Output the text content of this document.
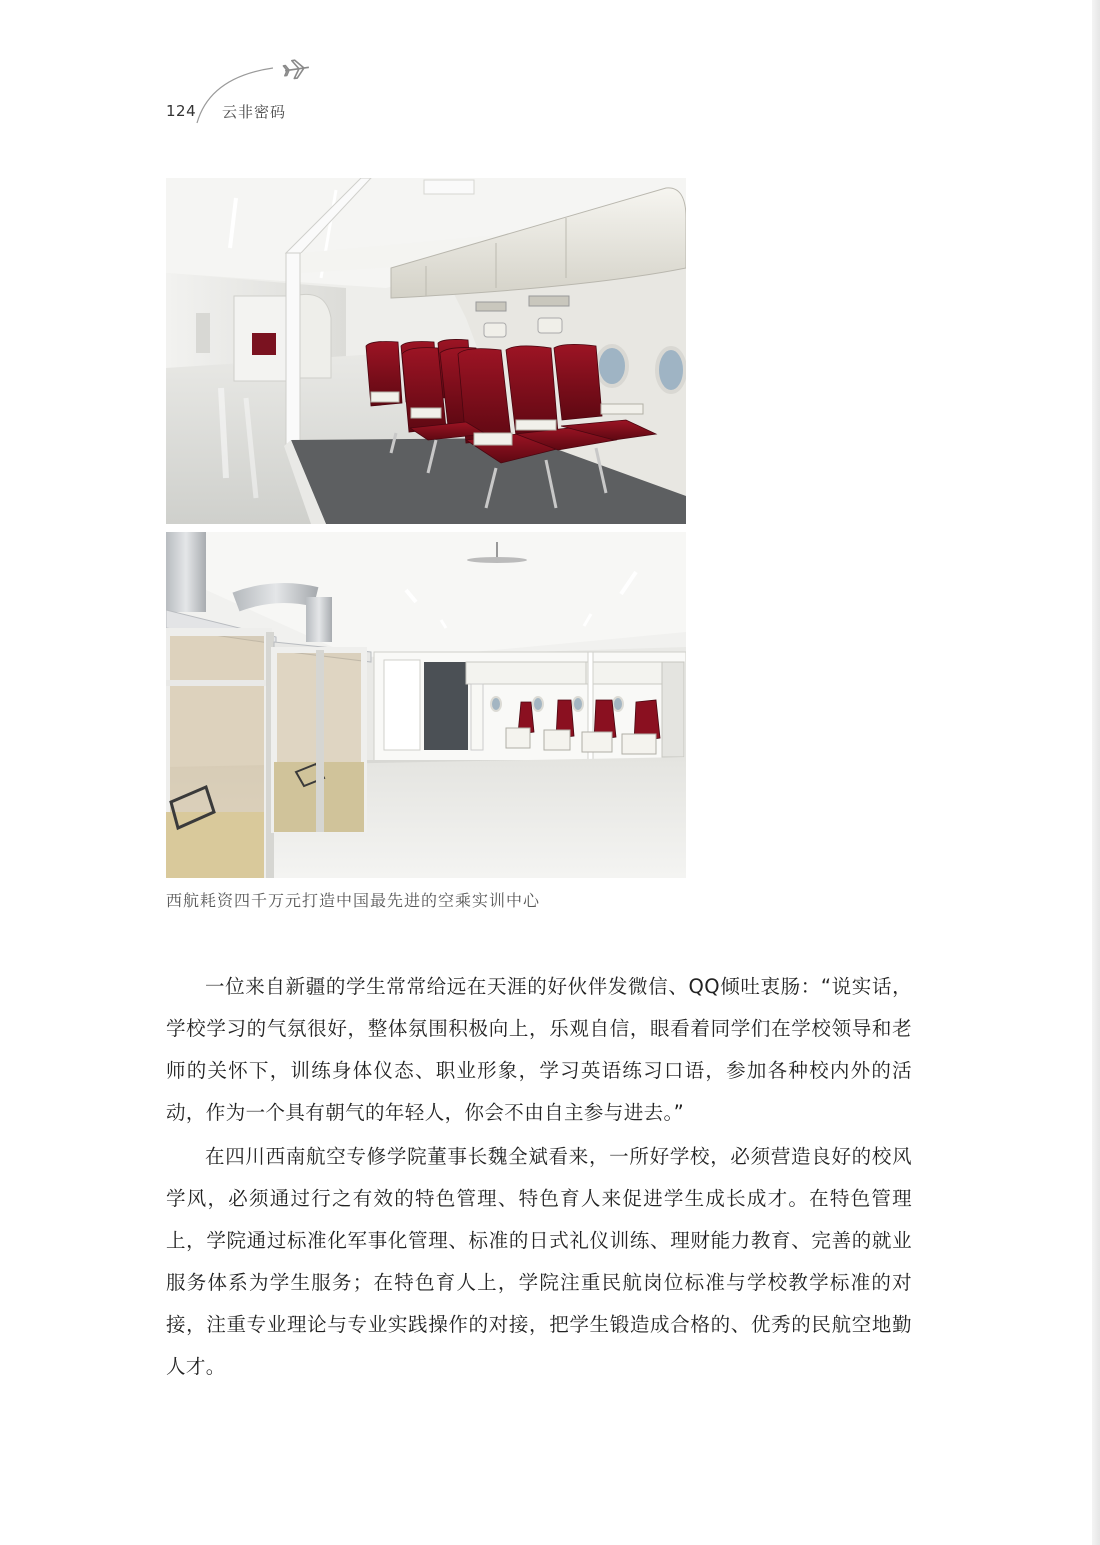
124 云非密码
西航耗资四千万元打造中国最先进的空乘实训中心

一位来自新疆的学生常常给远在天涯的好伙伴发微信、QQ倾吐衷肠：“说实话，学校学习的气氛很好，整体氛围积极向上，乐观自信，眼看着同学们在学校领导和老师的关怀下，训练身体仪态、职业形象，学习英语练习口语，参加各种校内外的活动，作为一个具有朝气的年轻人，你会不由自主参与进去。”

在四川西南航空专修学院董事长魏全斌看来，一所好学校，必须营造良好的校风学风，必须通过行之有效的特色管理、特色育人来促进学生成长成才。在特色管理上，学院通过标准化军事化管理、标准的日式礼仪训练、理财能力教育、完善的就业服务体系为学生服务；在特色育人上，学院注重民航岗位标准与学校教学标准的对接，注重专业理论与专业实践操作的对接，把学生锻造成合格的、优秀的民航空地勤人才。
